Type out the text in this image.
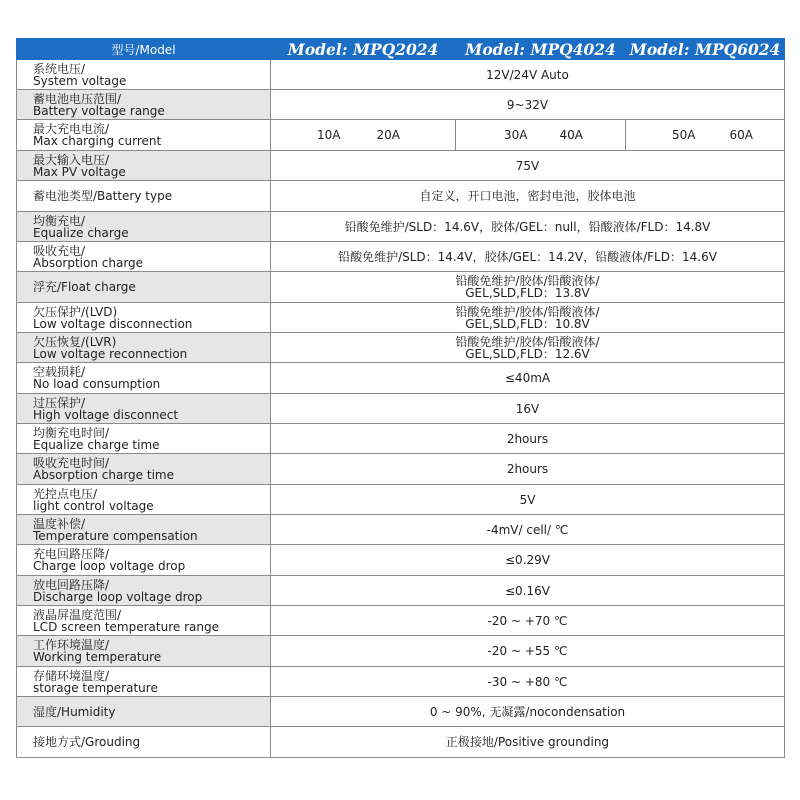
型号/Model	Model: MPQ2024	Model: MPQ4024	Model: MPQ6024

系统电压/
System voltage	12V/24V Auto		

蓄电池电压范围/
Battery voltage range	9~32V		

最大充电电流/
Max charging current	10A 20A	30A 40A	50A 60A

最大输入电压/
Max PV voltage	75V		
蓄电池类型/Battery type	自定义，开口电池，密封电池，胶体电池		

均衡充电/
Equalize charge	铅酸免维护/SLD：14.6V，胶体/GEL：null，铅酸液体/FLD：14.8V		

吸收充电/
Absorption charge	铅酸免维护/SLD：14.4V，胶体/GEL：14.2V，铅酸液体/FLD：14.6V		
浮充/Float charge	铅酸免维护/胶体/铅酸液体/
GEL,SLD,FLD：13.8V		

欠压保护/(LVD)
Low voltage disconnection	铅酸免维护/胶体/铅酸液体/
GEL,SLD,FLD：10.8V		

欠压恢复/(LVR)
Low voltage reconnection	铅酸免维护/胶体/铅酸液体/
GEL,SLD,FLD：12.6V		

空载损耗/
No load consumption	≤40mA		

过压保护/
High voltage disconnect	16V		

均衡充电时间/
Equalize charge time	2hours		

吸收充电时间/
Absorption charge time	2hours		

光控点电压/
light control voltage	5V		

温度补偿/
Temperature compensation	-4mV/ cell/ ℃		

充电回路压降/
Charge loop voltage drop	≤0.29V		

放电回路压降/
Discharge loop voltage drop	≤0.16V		

液晶屏温度范围/
LCD screen temperature range	-20 ~ +70 ℃		

工作环境温度/
Working temperature	-20 ~ +55 ℃		

存储环境温度/
storage temperature	-30 ~ +80 ℃		
湿度/Humidity	0 ~ 90%, 无凝露/nocondensation		
接地方式/Grouding	正极接地/Positive grounding		
